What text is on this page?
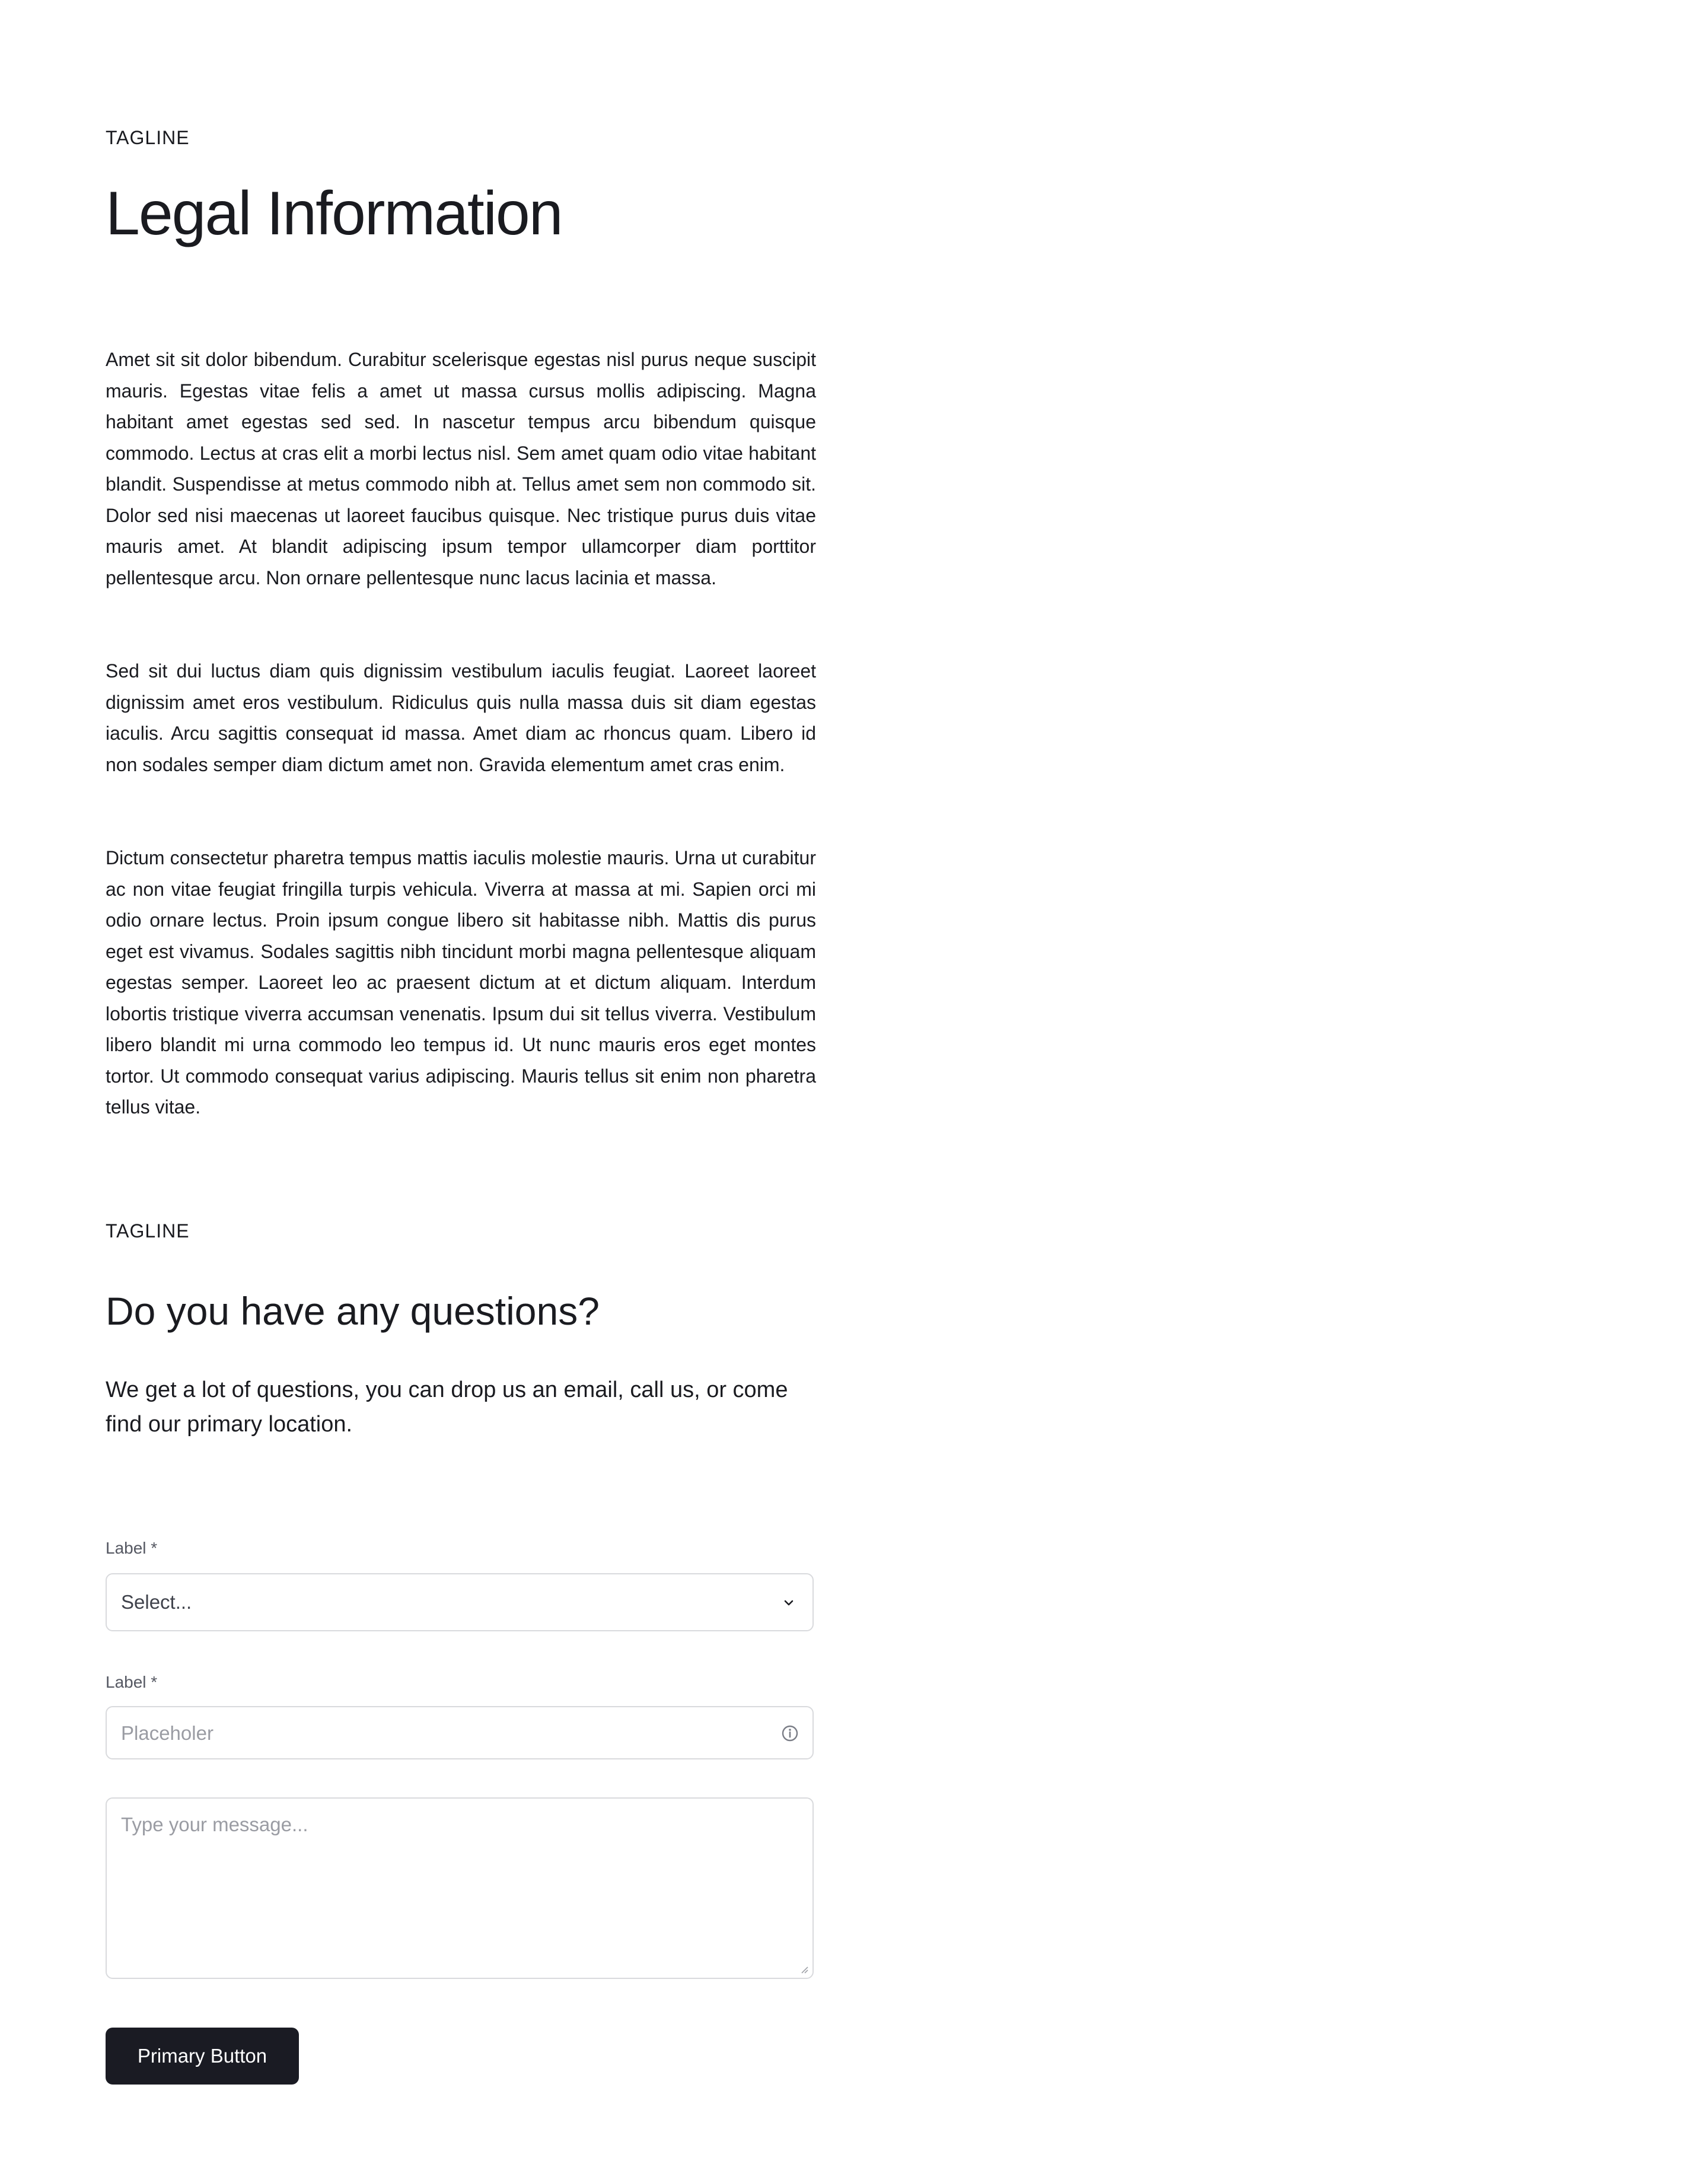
TAGLINE

Legal Information

Amet sit sit dolor bibendum. Curabitur scelerisque egestas nisl purus neque suscipit mauris. Egestas vitae felis a amet ut massa cursus mollis adipiscing. Magna habitant amet egestas sed sed. In nascetur tempus arcu bibendum quisque commodo. Lectus at cras elit a morbi lectus nisl. Sem amet quam odio vitae habitant blandit. Suspendisse at metus commodo nibh at. Tellus amet sem non commodo sit. Dolor sed nisi maecenas ut laoreet faucibus quisque. Nec tristique purus duis vitae mauris amet. At blandit adipiscing ipsum tempor ullamcorper diam porttitor pellentesque arcu. Non ornare pellentesque nunc lacus lacinia et massa.

Sed sit dui luctus diam quis dignissim vestibulum iaculis feugiat. Laoreet laoreet dignissim amet eros vestibulum. Ridiculus quis nulla massa duis sit diam egestas iaculis. Arcu sagittis consequat id massa. Amet diam ac rhoncus quam. Libero id non sodales semper diam dictum amet non. Gravida elementum amet cras enim.

Dictum consectetur pharetra tempus mattis iaculis molestie mauris. Urna ut curabitur ac non vitae feugiat fringilla turpis vehicula. Viverra at massa at mi. Sapien orci mi odio ornare lectus. Proin ipsum congue libero sit habitasse nibh. Mattis dis purus eget est vivamus. Sodales sagittis nibh tincidunt morbi magna pellentesque aliquam egestas semper. Laoreet leo ac praesent dictum at et dictum aliquam. Interdum lobortis tristique viverra accumsan venenatis. Ipsum dui sit tellus viverra. Vestibulum libero blandit mi urna commodo leo tempus id. Ut nunc mauris eros eget montes tortor. Ut commodo consequat varius adipiscing. Mauris tellus sit enim non pharetra tellus vitae.

TAGLINE

Do you have any questions?

We get a lot of questions, you can drop us an email, call us, or come find our primary location.

Label *
Select...
Label *
Placeholer
Type your message...
Primary Button
